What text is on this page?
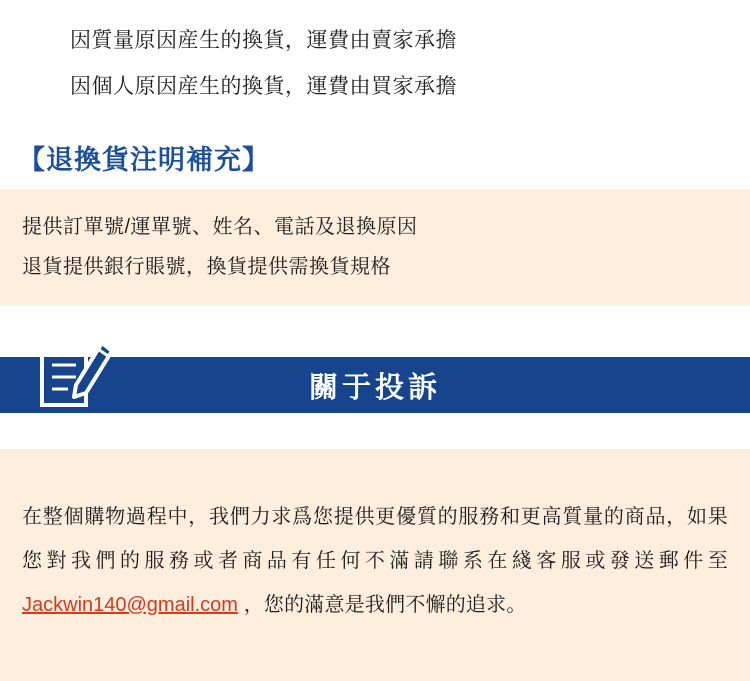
因質量原因産生的換貨，運費由賣家承擔
因個人原因産生的換貨，運費由買家承擔
【退換貨注明補充】
提供訂單號/運單號、姓名、電話及退換原因
退貨提供銀行賬號，換貨提供需換貨規格
關于投訴

在整個購物過程中，我們力求爲您提供更優質的服務和更高質量的商品，如果您對我們的服務或者商品有任何不滿請聯系在綫客服或發送郵件至 Jackwin140@gmail.com ，您的滿意是我們不懈的追求。
